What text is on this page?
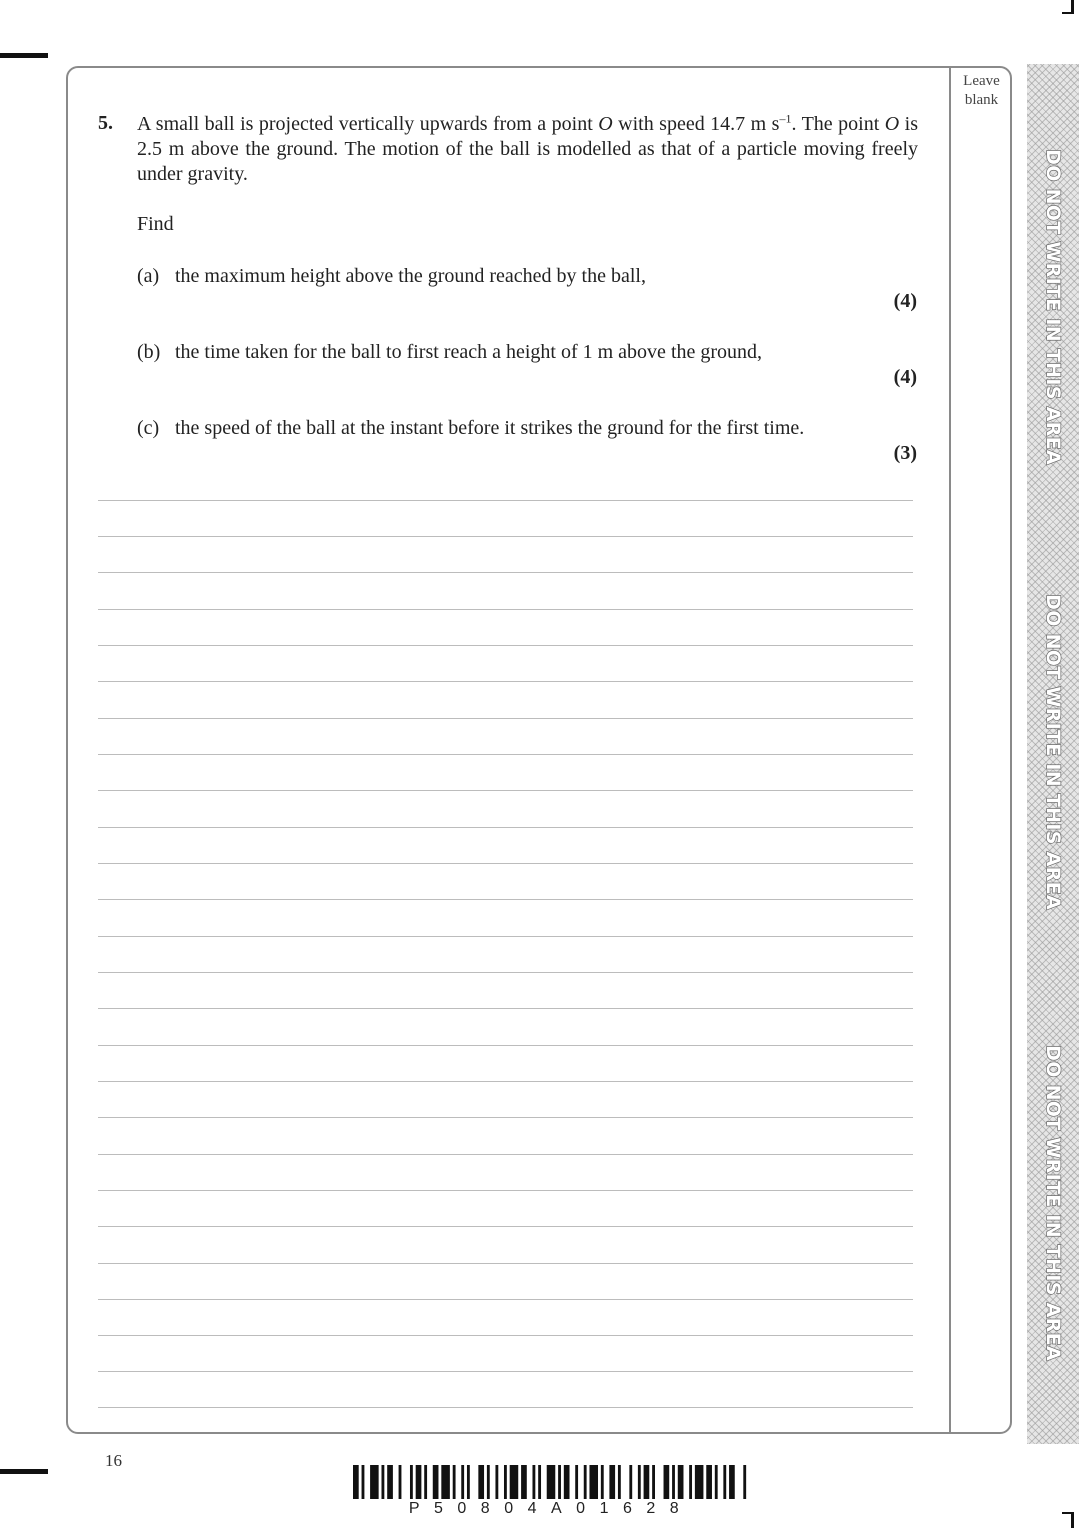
Leave blank
5. A small ball is projected vertically upwards from a point O with speed 14.7 m $s^{-1}$. The point O is 2.5 m above the ground. The motion of the ball is modelled as that of a particle moving freely under gravity.
Find
(a) the maximum height above the ground reached by the ball,
(4)
(b) the time taken for the ball to first reach a height of 1 m above the ground,
(4)
(c) the speed of the ball at the instant before it strikes the ground for the first time.
(3)	DO NOT WRITE IN THIS AREA
DO NOT WRITE IN THIS AREA
DO NOT WRITE IN THIS AREA
16
P50804A01628
